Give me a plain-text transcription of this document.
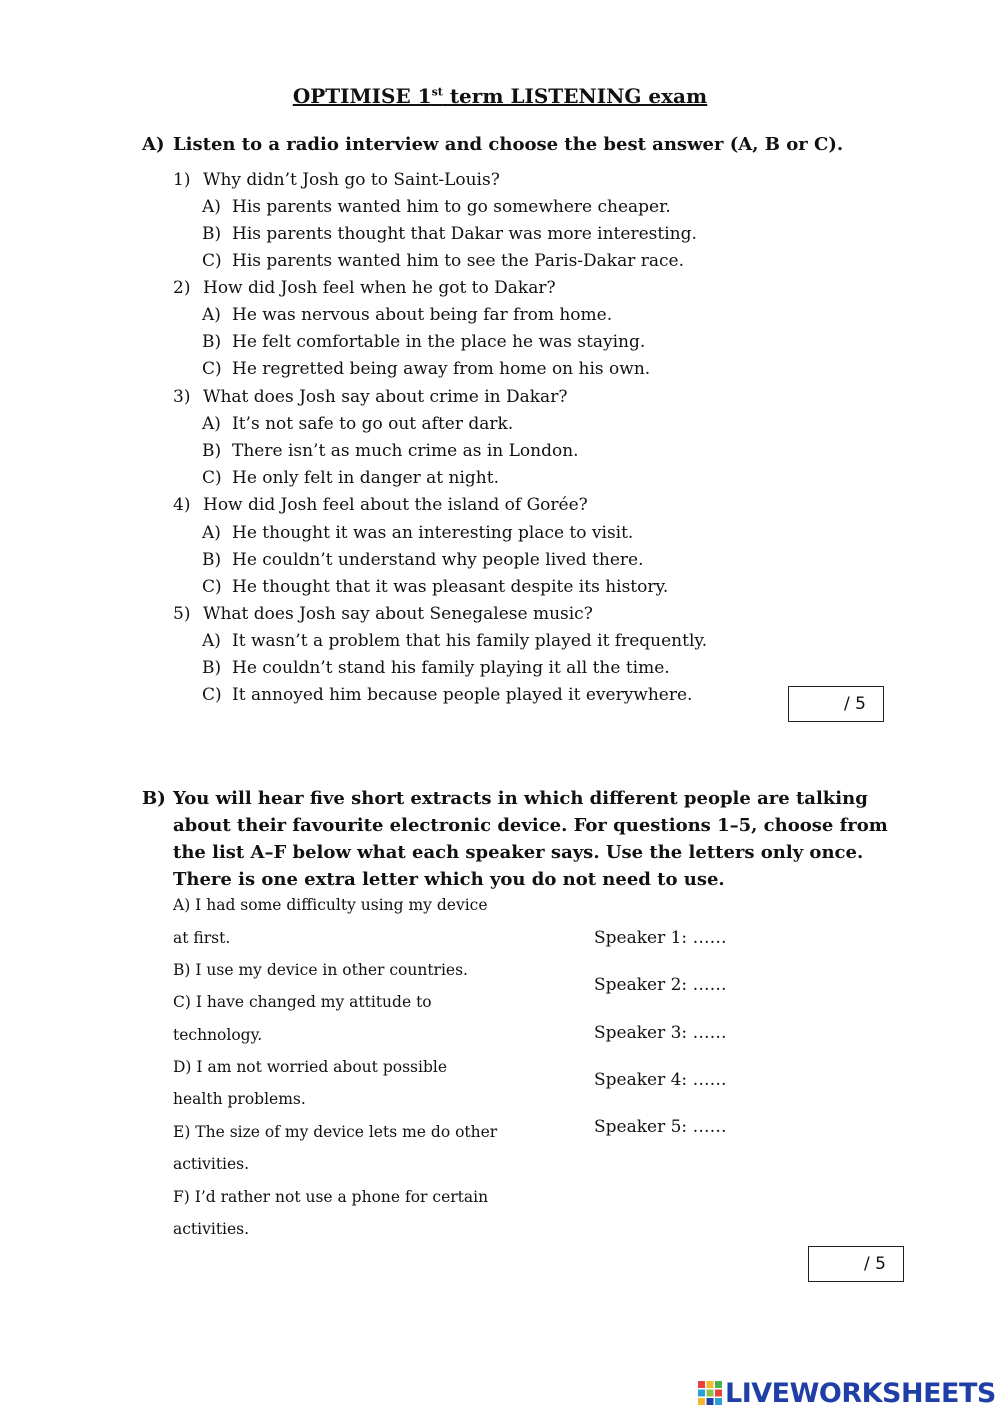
OPTIMISE 1st term LISTENING exam
A) Listen to a radio interview and choose the best answer (A, B or C).
1) Why didn’t Josh go to Saint-Louis?
A) His parents wanted him to go somewhere cheaper.
B) His parents thought that Dakar was more interesting.
C) His parents wanted him to see the Paris-Dakar race.
2) How did Josh feel when he got to Dakar?
A) He was nervous about being far from home.
B) He felt comfortable in the place he was staying.
C) He regretted being away from home on his own.
3) What does Josh say about crime in Dakar?
A) It’s not safe to go out after dark.
B) There isn’t as much crime as in London.
C) He only felt in danger at night.
4) How did Josh feel about the island of Gorée?
A) He thought it was an interesting place to visit.
B) He couldn’t understand why people lived there.
C) He thought that it was pleasant despite its history.
5) What does Josh say about Senegalese music?
A) It wasn’t a problem that his family played it frequently.
B) He couldn’t stand his family playing it all the time.
C) It annoyed him because people played it everywhere.	/ 5
B) You will hear five short extracts in which different people are talking
about their favourite electronic device. For questions 1–5, choose from
the list A–F below what each speaker says. Use the letters only once.
There is one extra letter which you do not need to use.
A) I had some difficulty using my device
at first.
B) I use my device in other countries.
C) I have changed my attitude to
technology.
D) I am not worried about possible
health problems.
E) The size of my device lets me do other
activities.
F) I’d rather not use a phone for certain
activities.
Speaker 1: ……
Speaker 2: ……
Speaker 3: ……
Speaker 4: ……
Speaker 5: ……
/ 5
LIVEWORKSHEETS
